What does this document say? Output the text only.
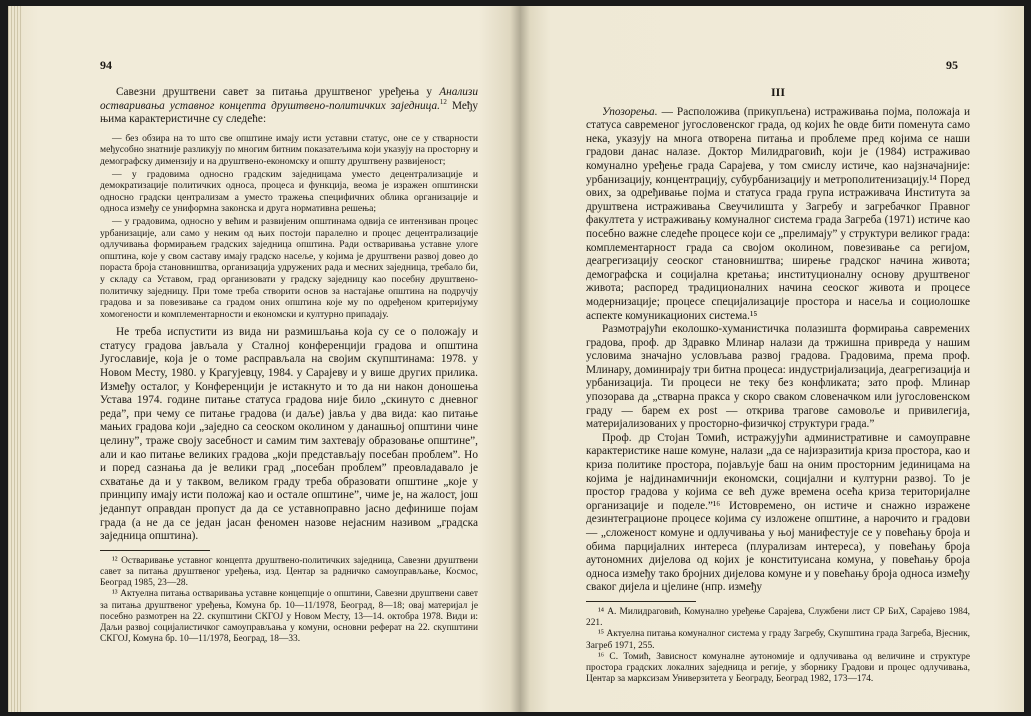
94

Савезни друштвени савет за питања друштвеног уређења у Анализи остваривања уставног концепта друштвено-политичких заједница.$^{12}$ Међу њима карактеристичне су следеће:

— без обзира на то што све општине имају исти уставни статус, оне се у стварности међусобно знатније разликују по многим битним показатељима који указују на просторну и демографску димензију и на друштвено-економску и општу друштвену развијеност;

— у градовима односно градским заједницама уместо децентрализације и демократизације политичких односа, процеса и функција, веома је изражен општински односно градски централизам а уместо тражења специфичних облика организације и односа између се униформна законска и друга нормативна решења;

— у градовима, односно у већим и развијеним општинама одвија се интензиван процес урбанизације, али само у неким од њих постоји паралелно и процес децентрализације одлучивања формирањем градских заједница општина. Ради остваривања уставне улоге општина, које у свом саставу имају градско насеље, у којима је друштвени развој довео до пораста броја становништва, организација удружених рада и месних заједница, требало би, у складу са Уставом, град организовати у градску заједницу као посебну друштвено-политичку заједницу. При томе треба створити основ за настајање општина на подручју градова и за повезивање са градом оних општина које му по одређеном критеријуму хомогености и комплементарности и економски и културно припадају.

Не треба испустити из вида ни размишљања која су се о положају и статусу градова јављала у Сталној конференцији градова и општина Југославије, која је о томе расправљала на својим скупштинама: 1978. у Новом Месту, 1980. у Крагујевцу, 1984. у Сарајеву и у више других прилика. Између осталог, у Конференцији је истакнуто и то да ни након доношења Устава 1974. године питање статуса градова није било „скинуто с дневног реда”, при чему се питање градова (и даље) јавља у два вида: као питање мањих градова који „заједно са сеоском околином у данашњој општини чине целину”, траже своју засебност и самим тим захтевају образовање општине”, али и као питање великих градова „који представљају посебан проблем”. Но и поред сазнања да је велики град „посебан проблем” преовладавало је схватање да и у таквом, великом граду треба образовати општине „које у принципу имају исти положај као и остале општине”, чиме је, на жалост, још једанпут оправдан пропуст да да се уставноправно јасно дефинише појам града (а не да се један јасан феномен назове нејасним називом „градска заједница општина).

¹² Остваривање уставног концепта друштвено-политичких заједница, Савезни друштвени савет за питања друштвеног уређења, изд. Центар за радничко самоуправљање, Космос, Београд 1985, 23—28.

¹³ Актуелна питања остваривања уставне концепције о општини, Савезни друштвени савет за питања друштвеног уређења, Комуна бр. 10—11/1978, Београд, 8—18; овај материјал је посебно размотрен на 22. скупштини СКГОЈ у Новом Месту, 13—14. октобра 1978. Види и: Даљи развој социјалистичког самоуправљања у комуни, основни реферат на 22. скупштини СКГОЈ, Комуна бр. 10—11/1978, Београд, 18—33.

95
III

Упозорења. — Расположива (прикупљена) истраживања појма, положаја и статуса савременог југословенског града, од којих ће овде бити поменута само нека, указују на многа отворена питања и проблеме пред којима се наши градови данас налазе. Доктор Милидраговић, који је (1984) истраживао комунално уређење града Сарајева, у том смислу истиче, као најзначајније: урбанизацију, концентрацију, субурбанизацију и метрополитенизацију.¹⁴ Поред ових, за одређивање појма и статуса града група истраживача Института за друштвена истраживања Свеучилишта у Загребу и загребачког Правног факултета у истраживању комуналног система града Загреба (1971) истиче као посебно важне следеће процесе који се „прелимају” у структури великог града: комплементарност града са својом околином, повезивање са регијом, деагрегизацију сеоског становништва; ширење градског начина живота; демографска и социјална кретања; институционалну основу друштвеног живота; распоред традиционалних начина сеоског живота и процесе модернизације; процесе специјализације простора и насеља и социолошке аспекте комуникационих система.¹⁵

Размотрајући еколошко-хуманистичка полазишта формирања савремених градова, проф. др Здравко Млинар налази да тржишна привреда у нашим условима значајно условљава развој градова. Градовима, према проф. Млинару, доминирају три битна процеса: индустријализација, деагрегизација и урбанизација. Ти процеси не теку без конфликата; зато проф. Млинар упозорава да „стварна пракса у скоро сваком словеначком или југословенском граду — барем ex post — открива трагове самовоље и привилегија, материјализованих у просторно-физичкој структури града.”

Проф. др Стојан Томић, истражујући административне и самоуправне карактеристике наше комуне, налази „да се најизразитија криза простора, као и криза политике простора, појављује баш на оним просторним јединицама на којима је најдинамичнији економски, социјални и културни развој. То је простор градова у којима се већ дуже времена осећа криза територијалне организације и поделе.”¹⁶ Истовремено, он истиче и снажно изражене дезинтеграционе процесе којима су изложене општине, а нарочито и градови — „сложеност комуне и одлучивања у њој манифестује се у повећању броја и обима парцијалних интереса (плурализам интереса), у повећању броја аутономних дијелова од којих је конституисана комуна, у повећању броја односа између тако бројних дијелова комуне и у повећању броја односа између сваког дијела и цјелине (нпр. између

¹⁴ А. Милидраговић, Комунално уређење Сарајева, Службени лист СР БиХ, Сарајево 1984, 221.

¹⁵ Актуелна питања комуналног система у граду Загребу, Скупштина града Загреба, Вјесник, Загреб 1971, 255.

¹⁶ С. Томић, Зависност комуналне аутономије и одлучивања од величине и структуре простора градских локалних заједница и регије, у зборнику Градови и процес одлучивања, Центар за марксизам Универзитета у Београду, Београд 1982, 173—174.
